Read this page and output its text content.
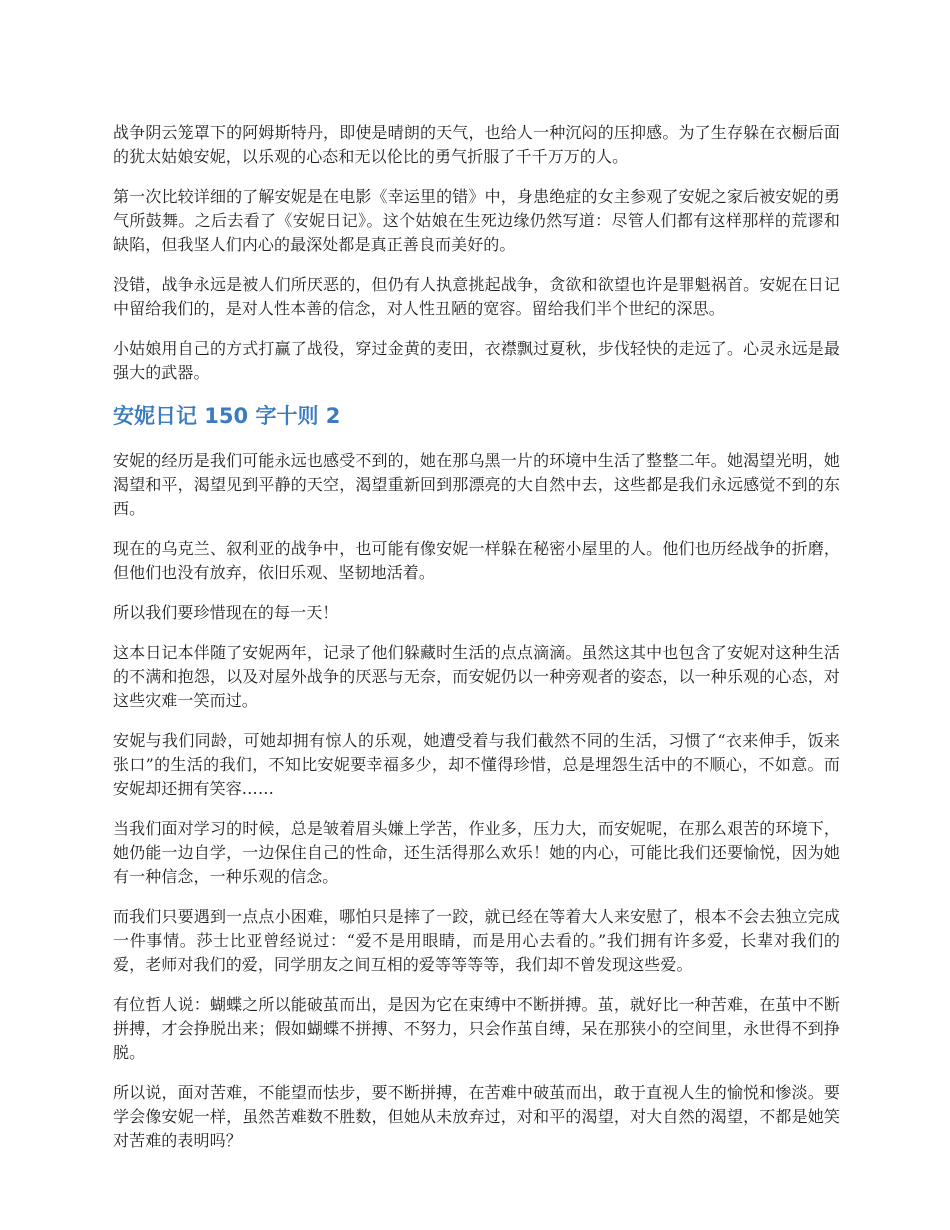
战争阴云笼罩下的阿姆斯特丹，即使是晴朗的天气，也给人一种沉闷的压抑感。为了生存躲在衣橱后面的犹太姑娘安妮，以乐观的心态和无以伦比的勇气折服了千千万万的人。

第一次比较详细的了解安妮是在电影《幸运里的错》中，身患绝症的女主参观了安妮之家后被安妮的勇气所鼓舞。之后去看了《安妮日记》。这个姑娘在生死边缘仍然写道：尽管人们都有这样那样的荒谬和缺陷，但我坚人们内心的最深处都是真正善良而美好的。

没错，战争永远是被人们所厌恶的，但仍有人执意挑起战争，贪欲和欲望也许是罪魁祸首。安妮在日记中留给我们的，是对人性本善的信念，对人性丑陋的宽容。留给我们半个世纪的深思。

小姑娘用自己的方式打赢了战役，穿过金黄的麦田，衣襟飘过夏秋，步伐轻快的走远了。心灵永远是最强大的武器。

安妮日记 150 字十则 2

安妮的经历是我们可能永远也感受不到的，她在那乌黑一片的环境中生活了整整二年。她渴望光明，她渴望和平，渴望见到平静的天空，渴望重新回到那漂亮的大自然中去，这些都是我们永远感觉不到的东西。

现在的乌克兰、叙利亚的战争中，也可能有像安妮一样躲在秘密小屋里的人。他们也历经战争的折磨，但他们也没有放弃，依旧乐观、坚韧地活着。

所以我们要珍惜现在的每一天！

这本日记本伴随了安妮两年，记录了他们躲藏时生活的点点滴滴。虽然这其中也包含了安妮对这种生活的不满和抱怨，以及对屋外战争的厌恶与无奈，而安妮仍以一种旁观者的姿态，以一种乐观的心态，对这些灾难一笑而过。

安妮与我们同龄，可她却拥有惊人的乐观，她遭受着与我们截然不同的生活，习惯了“衣来伸手，饭来张口”的生活的我们，不知比安妮要幸福多少，却不懂得珍惜，总是埋怨生活中的不顺心，不如意。而安妮却还拥有笑容……

当我们面对学习的时候，总是皱着眉头嫌上学苦，作业多，压力大，而安妮呢，在那么艰苦的环境下，她仍能一边自学，一边保住自己的性命，还生活得那么欢乐！她的内心，可能比我们还要愉悦，因为她有一种信念，一种乐观的信念。

而我们只要遇到一点点小困难，哪怕只是摔了一跤，就已经在等着大人来安慰了，根本不会去独立完成一件事情。莎士比亚曾经说过：“爱不是用眼睛，而是用心去看的。”我们拥有许多爱，长辈对我们的爱，老师对我们的爱，同学朋友之间互相的爱等等等等，我们却不曾发现这些爱。

有位哲人说：蝴蝶之所以能破茧而出，是因为它在束缚中不断拼搏。茧，就好比一种苦难，在茧中不断拼搏，才会挣脱出来；假如蝴蝶不拼搏、不努力，只会作茧自缚，呆在那狭小的空间里，永世得不到挣脱。

所以说，面对苦难，不能望而怯步，要不断拼搏，在苦难中破茧而出，敢于直视人生的愉悦和惨淡。要学会像安妮一样，虽然苦难数不胜数，但她从未放弃过，对和平的渴望，对大自然的渴望，不都是她笑对苦难的表明吗？
